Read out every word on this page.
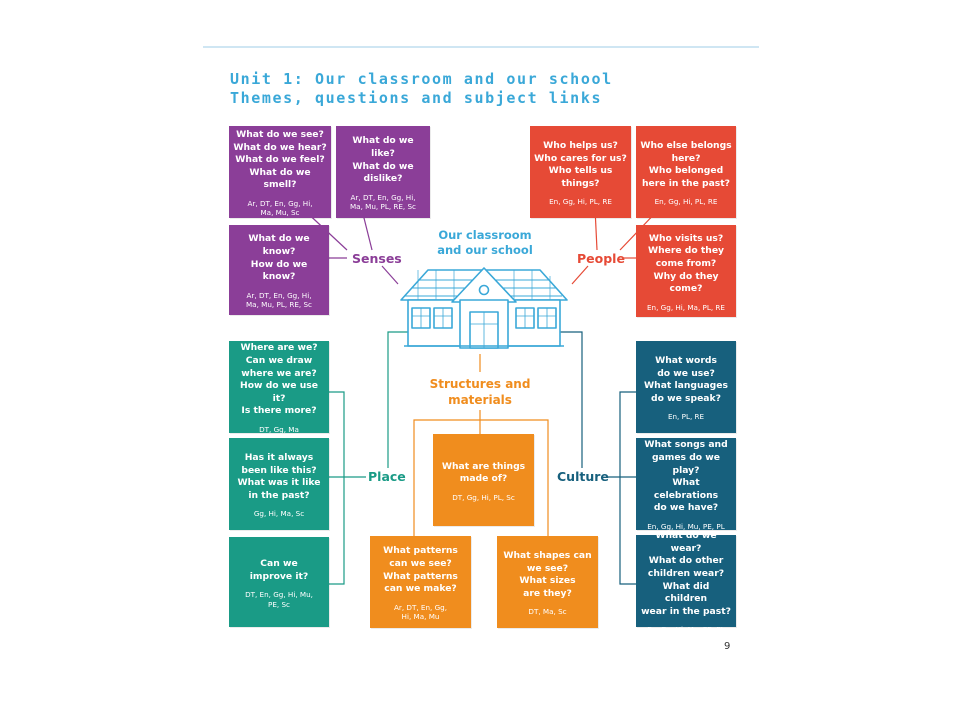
Unit 1: Our classroom and our school
Themes, questions and subject links
Our classroom
and our school
Senses	People
Place	Culture
Structures and
materials
What do we see?
What do we hear?
What do we feel?
What do we smell?
Ar, DT, En, Gg, Hi,
Ma, Mu, Sc
What do we like?
What do we
dislike?
Ar, DT, En, Gg, Hi,
Ma, Mu, PL, RE, Sc
What do we know?
How do we know?
Ar, DT, En, Gg, Hi,
Ma, Mu, PL, RE, Sc
Who helps us?
Who cares for us?
Who tells us
things?
En, Gg, Hi, PL, RE
Who else belongs
here?
Who belonged
here in the past?
En, Gg, Hi, PL, RE
Who visits us?
Where do they
come from?
Why do they
come?
En, Gg, Hi, Ma, PL, RE
Where are we?
Can we draw
where we are?
How do we use it?
Is there more?
DT, Gg, Ma
Has it always
been like this?
What was it like
in the past?
Gg, Hi, Ma, Sc
Can we
improve it?
DT, En, Gg, Hi, Mu,
PE, Sc
What words
do we use?
What languages
do we speak?
En, PL, RE
What songs and
games do we play?
What celebrations
do we have?
En, Gg, Hi, Mu, PE, PL
What do we wear?
What do other
children wear?
What did children
wear in the past?
En, Gg, Hi, Mu, PE, PL
What are things
made of?
DT, Gg, Hi, PL, Sc
What patterns
can we see?
What patterns
can we make?
Ar, DT, En, Gg,
Hi, Ma, Mu
What shapes can
we see?
What sizes
are they?
DT, Ma, Sc
9
